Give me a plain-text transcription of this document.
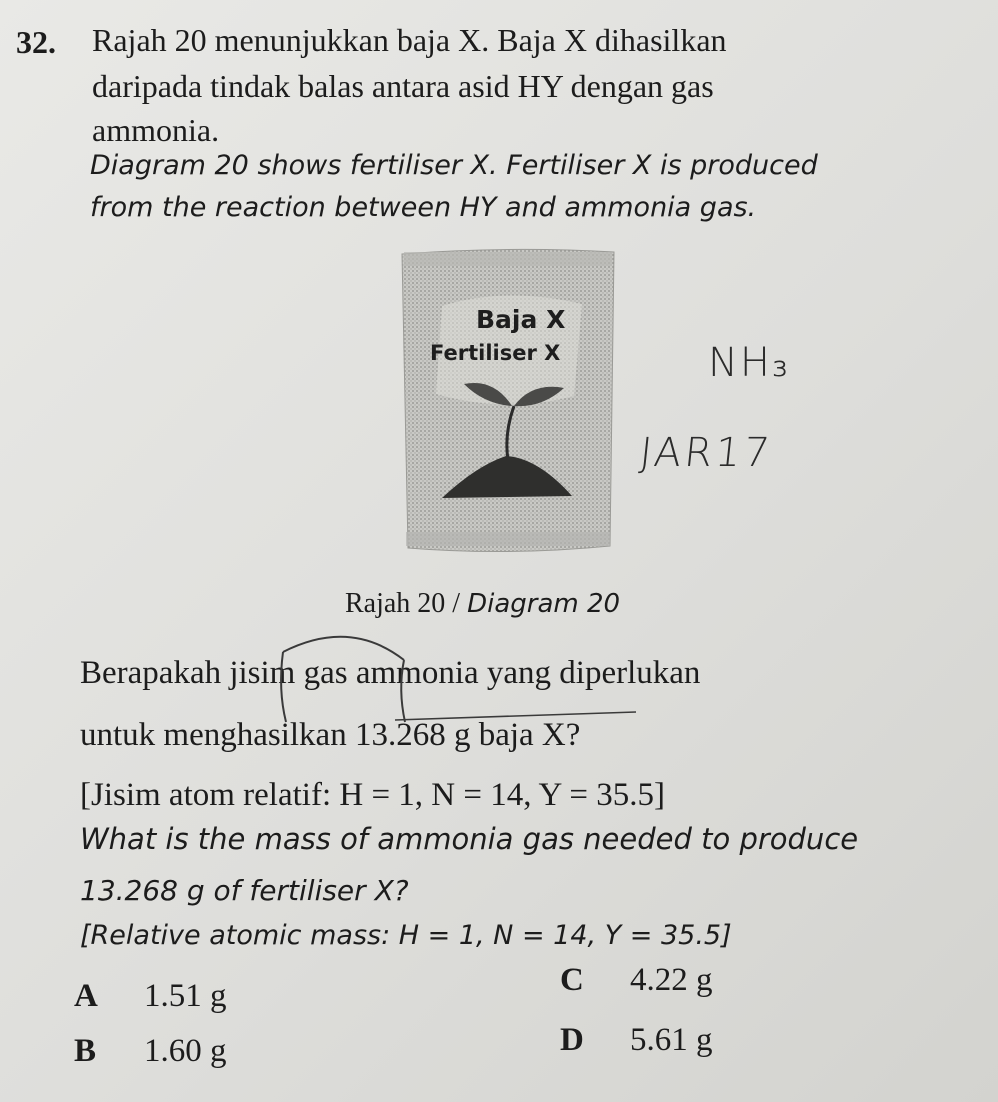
32. Rajah 20 menunjukkan baja X. Baja X dihasilkan
daripada tindak balas antara asid HY dengan gas
ammonia.
Diagram 20 shows fertiliser X. Fertiliser X is produced
from the reaction between HY and ammonia gas.
Baja X
Fertiliser X
Rajah 20 / Diagram 20
NH₃
JAR17
Berapakah jisim gas ammonia yang diperlukan
untuk menghasilkan 13.268 g baja X?
[Jisim atom relatif: H = 1, N = 14, Y = 35.5]
What is the mass of ammonia gas needed to produce
13.268 g of fertiliser X?
[Relative atomic mass: H = 1, N = 14, Y = 35.5]
A 1.51 g
B 1.60 g
C 4.22 g
D 5.61 g
